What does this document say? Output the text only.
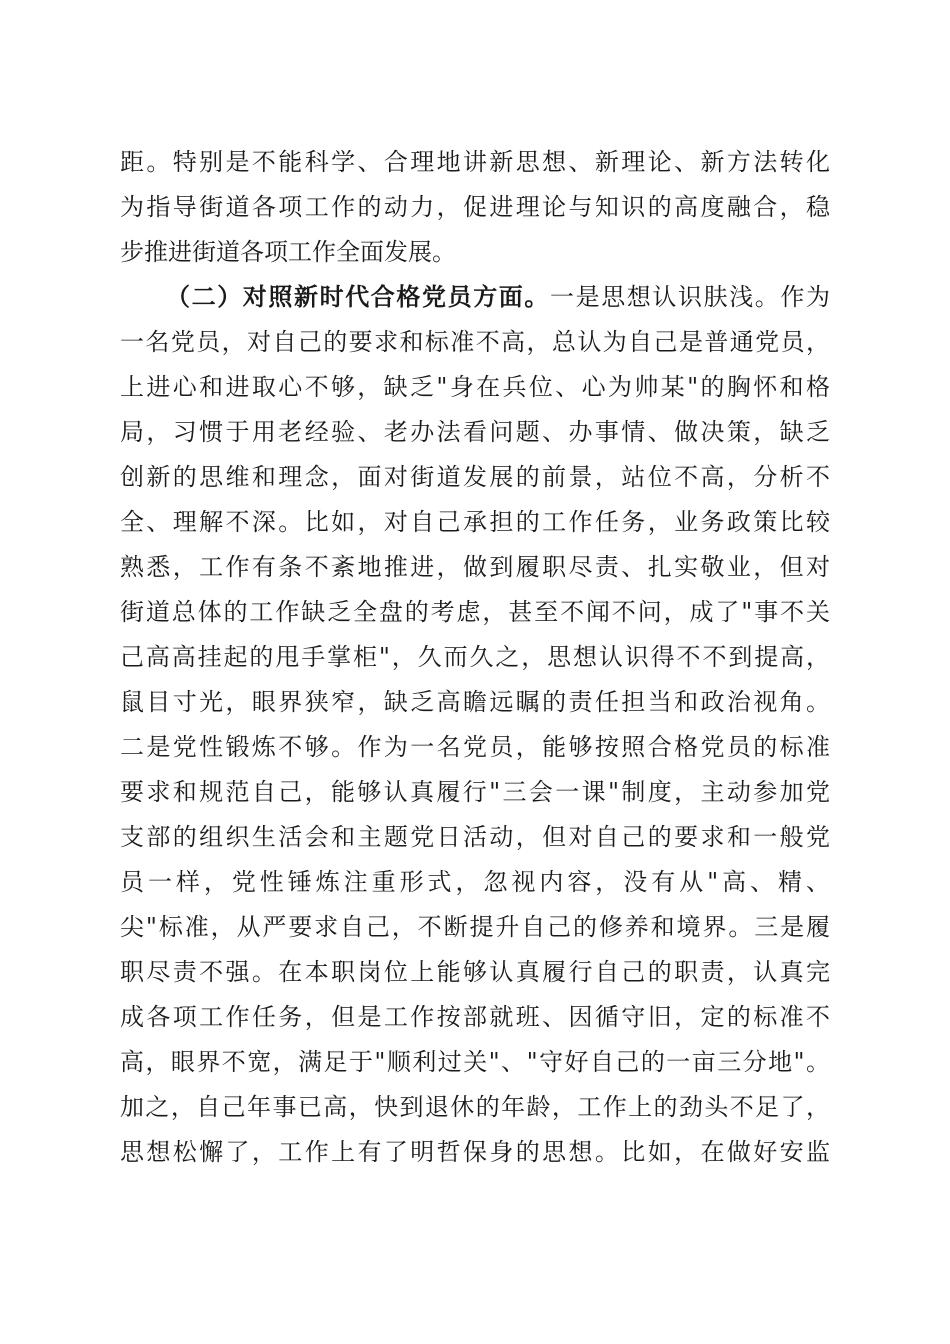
距。特别是不能科学、合理地讲新思想、新理论、新方法转化
为指导街道各项工作的动力，促进理论与知识的高度融合，稳
步推进街道各项工作全面发展。
（二）对照新时代合格党员方面。一是思想认识肤浅。作为
一名党员，对自己的要求和标准不高，总认为自己是普通党员，
上进心和进取心不够，缺乏"身在兵位、心为帅某"的胸怀和格
局，习惯于用老经验、老办法看问题、办事情、做决策，缺乏
创新的思维和理念，面对街道发展的前景，站位不高，分析不
全、理解不深。比如，对自己承担的工作任务，业务政策比较
熟悉，工作有条不紊地推进，做到履职尽责、扎实敬业，但对
街道总体的工作缺乏全盘的考虑，甚至不闻不问，成了"事不关
己高高挂起的甩手掌柜"，久而久之，思想认识得不不到提高，
鼠目寸光，眼界狭窄，缺乏高瞻远瞩的责任担当和政治视角。
二是党性锻炼不够。作为一名党员，能够按照合格党员的标准
要求和规范自己，能够认真履行"三会一课"制度，主动参加党
支部的组织生活会和主题党日活动，但对自己的要求和一般党
员一样，党性锤炼注重形式，忽视内容，没有从"高、精、
尖"标准，从严要求自己，不断提升自己的修养和境界。三是履
职尽责不强。在本职岗位上能够认真履行自己的职责，认真完
成各项工作任务，但是工作按部就班、因循守旧，定的标准不
高，眼界不宽，满足于"顺利过关"、"守好自己的一亩三分地"。
加之，自己年事已高，快到退休的年龄，工作上的劲头不足了，
思想松懈了，工作上有了明哲保身的思想。比如，在做好安监
